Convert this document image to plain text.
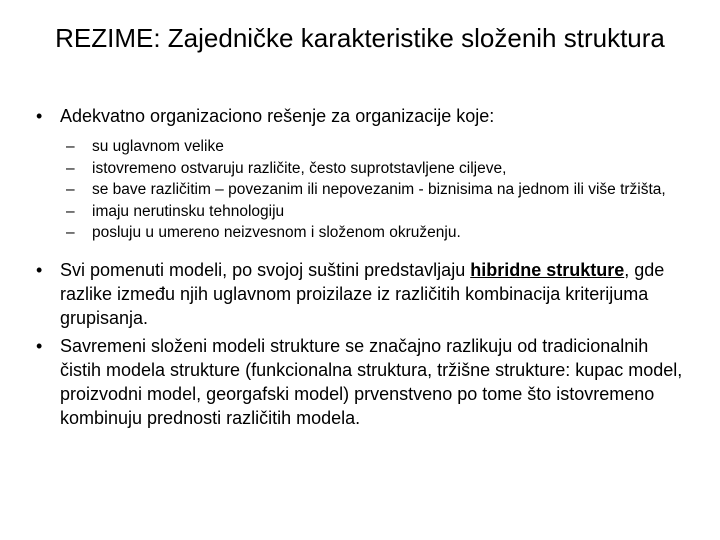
REZIME: Zajedničke karakteristike složenih struktura
• Adekvatno organizaciono rešenje za organizacije koje:
– su uglavnom velike
– istovremeno ostvaruju različite, često suprotstavljene ciljeve,
– se bave različitim – povezanim ili nepovezanim - biznisima na jednom ili više tržišta,
– imaju nerutinsku tehnologiju
– posluju u umereno neizvesnom i složenom okruženju.
• Svi pomenuti modeli, po svojoj suštini predstavljaju hibridne strukture, gde razlike između njih uglavnom proizilaze iz različitih kombinacija kriterijuma grupisanja.
• Savremeni složeni modeli strukture se značajno razlikuju od tradicionalnih čistih modela strukture (funkcionalna struktura, tržišne strukture: kupac model, proizvodni model, georgafski model) prvenstveno po tome što istovremeno kombinuju prednosti različitih modela.
